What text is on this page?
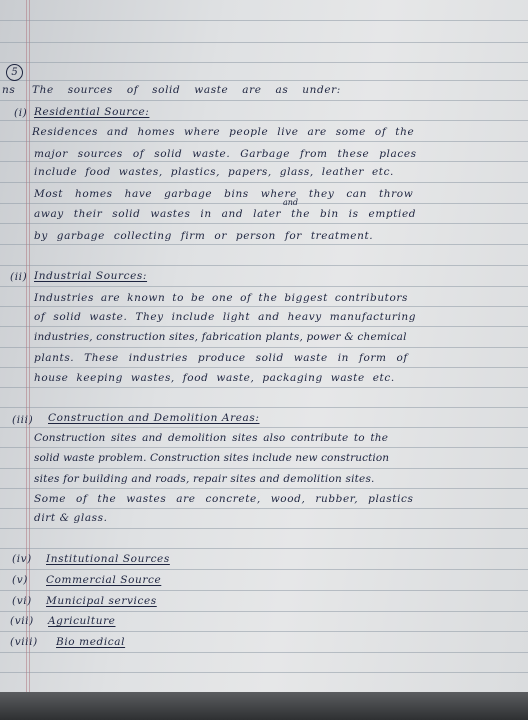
5
ns The sources of solid waste are as under:
(i) Residential Source:
Residences and homes where people live are some of the
major sources of solid waste. Garbage from these places
include food wastes, plastics, papers, glass, leather etc.
Most homes have garbage bins where they can throw
and
away their solid wastes in and later the bin is emptied
by garbage collecting firm or person for treatment.
(ii) Industrial Sources:
Industries are known to be one of the biggest contributors
of solid waste. They include light and heavy manufacturing
industries, construction sites, fabrication plants, power & chemical
plants. These industries produce solid waste in form of
house keeping wastes, food waste, packaging waste etc.
(iii) Construction and Demolition Areas:
Construction sites and demolition sites also contribute to the
solid waste problem. Construction sites include new construction
sites for building and roads, repair sites and demolition sites.
Some of the wastes are concrete, wood, rubber, plastics
dirt & glass.
(iv) Institutional Sources
(v) Commercial Source
(vi) Municipal services
(vii) Agriculture
(viii) Bio medical
